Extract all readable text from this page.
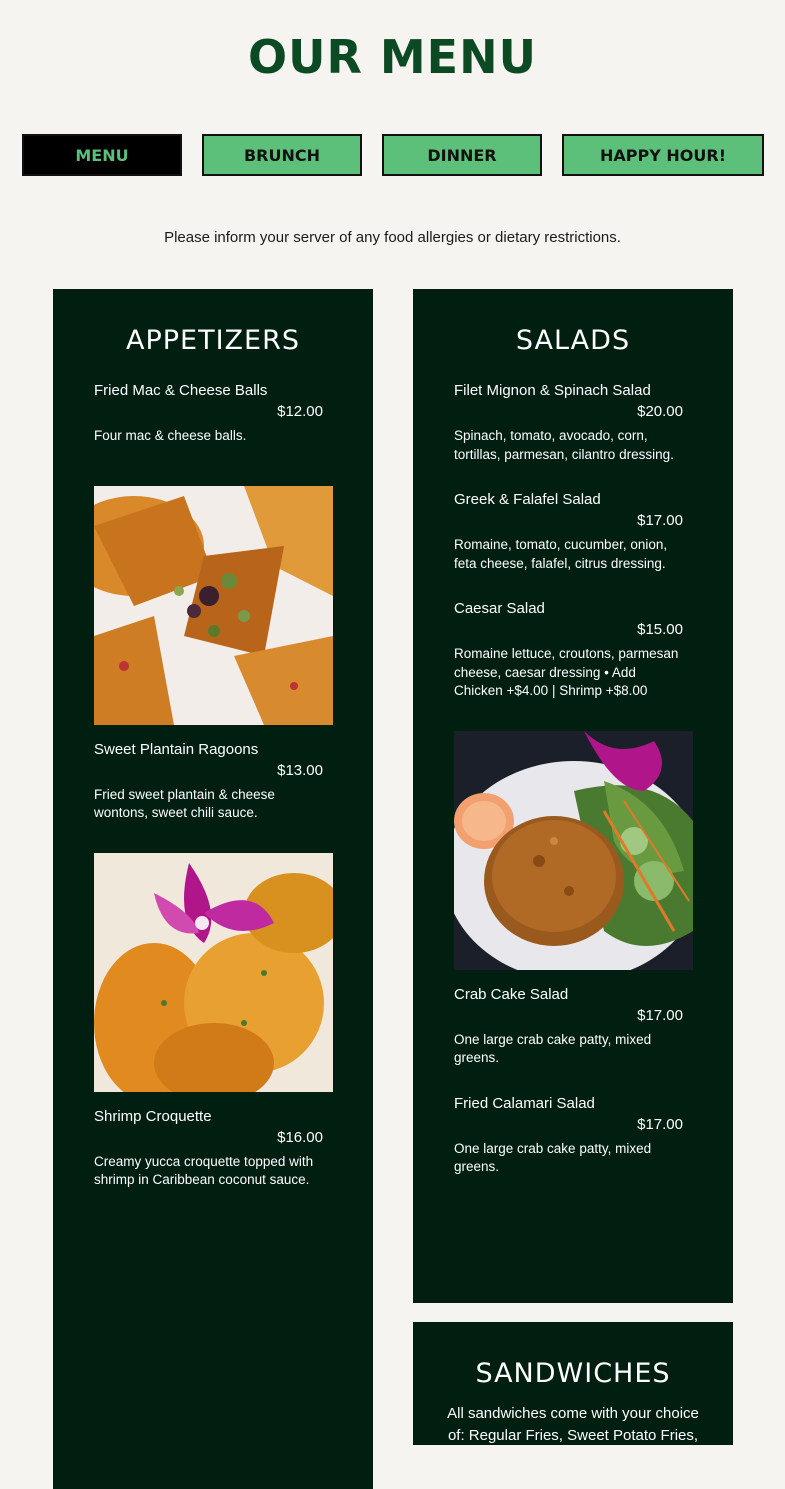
OUR MENU
MENU	BRUNCH	DINNER	HAPPY HOUR!
Please inform your server of any food allergies or dietary restrictions.
APPETIZERS
Fried Mac & Cheese Balls
$12.00
Four mac & cheese balls.
Sweet Plantain Ragoons
$13.00
Fried sweet plantain & cheese wontons, sweet chili sauce.
Shrimp Croquette
$16.00
Creamy yucca croquette topped with shrimp in Caribbean coconut sauce.
SALADS
Filet Mignon & Spinach Salad
$20.00
Spinach, tomato, avocado, corn, tortillas, parmesan, cilantro dressing.
Greek & Falafel Salad
$17.00
Romaine, tomato, cucumber, onion, feta cheese, falafel, citrus dressing.
Caesar Salad
$15.00
Romaine lettuce, croutons, parmesan cheese, caesar dressing • Add Chicken +$4.00 | Shrimp +$8.00
Crab Cake Salad
$17.00
One large crab cake patty, mixed greens.
Fried Calamari Salad
$17.00
One large crab cake patty, mixed greens.
SANDWICHES
All sandwiches come with your choice of: Regular Fries, Sweet Potato Fries,
